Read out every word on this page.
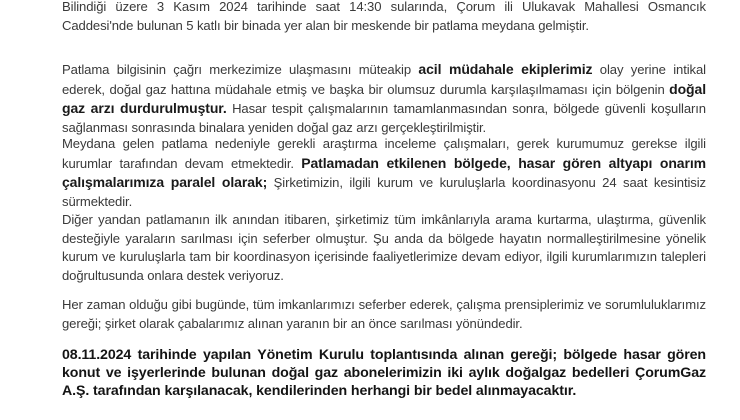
Bilindiği üzere 3 Kasım 2024 tarihinde saat 14:30 sularında, Çorum ili Ulukavak Mahallesi Osmancık Caddesi'nde bulunan 5 katlı bir binada yer alan bir meskende bir patlama meydana gelmiştir.

Patlama bilgisinin çağrı merkezimize ulaşmasını müteakip acil müdahale ekiplerimiz olay yerine intikal ederek, doğal gaz hattına müdahale etmiş ve başka bir olumsuz durumla karşılaşılmaması için bölgenin doğal gaz arzı durdurulmuştur. Hasar tespit çalışmalarının tamamlanmasından sonra, bölgede güvenli koşulların sağlanması sonrasında binalara yeniden doğal gaz arzı gerçekleştirilmiştir.

Meydana gelen patlama nedeniyle gerekli araştırma inceleme çalışmaları, gerek kurumumuz gerekse ilgili kurumlar tarafından devam etmektedir. Patlamadan etkilenen bölgede, hasar gören altyapı onarım çalışmalarımıza paralel olarak; Şirketimizin, ilgili kurum ve kuruluşlarla koordinasyonu 24 saat kesintisiz sürmektedir.

Diğer yandan patlamanın ilk anından itibaren, şirketimiz tüm imkânlarıyla arama kurtarma, ulaştırma, güvenlik desteğiyle yaraların sarılması için seferber olmuştur. Şu anda da bölgede hayatın normalleştirilmesine yönelik kurum ve kuruluşlarla tam bir koordinasyon içerisinde faaliyetlerimize devam ediyor, ilgili kurumlarımızın talepleri doğrultusunda onlara destek veriyoruz.

Her zaman olduğu gibi bugünde, tüm imkanlarımızı seferber ederek, çalışma prensiplerimiz ve sorumluluklarımız gereği; şirket olarak çabalarımız alınan yaranın bir an önce sarılması yönündedir.

08.11.2024 tarihinde yapılan Yönetim Kurulu toplantısında alınan gereği; bölgede hasar gören konut ve işyerlerinde bulunan doğal gaz abonelerimizin iki aylık doğalgaz bedelleri ÇorumGaz A.Ş. tarafından karşılanacak, kendilerinden herhangi bir bedel alınmayacaktır.
